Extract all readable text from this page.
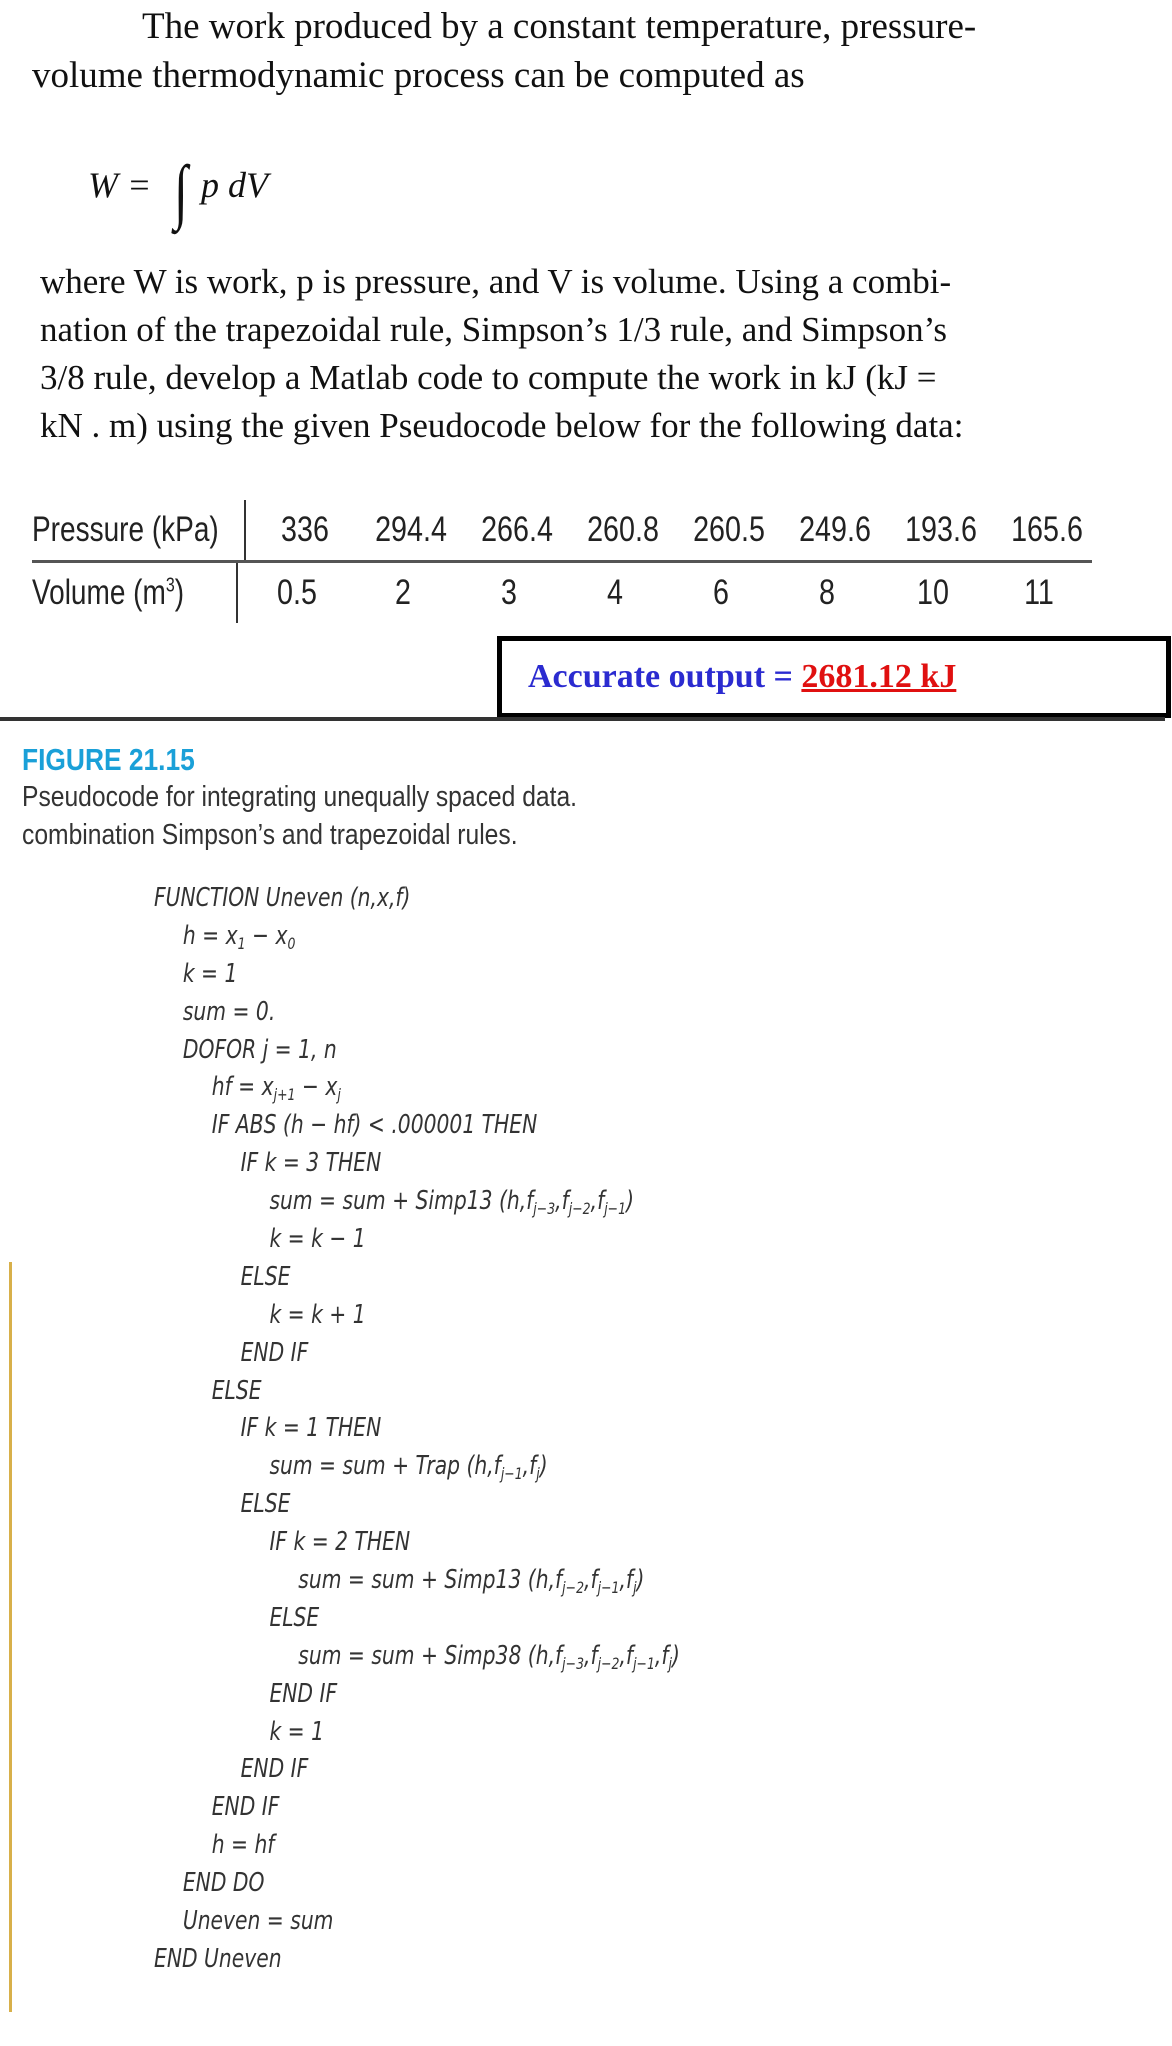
The work produced by a constant temperature, pressure-
volume thermodynamic process can be computed as
W = ∫ p dV
where W is work, p is pressure, and V is volume. Using a combi-
nation of the trapezoidal rule, Simpson’s 1/3 rule, and Simpson’s
3/8 rule, develop a Matlab code to compute the work in kJ (kJ =
kN . m) using the given Pseudocode below for the following data:
Pressure (kPa)	336	294.4 266.4 260.8 260.5 249.6 193.6 165.6
Volume $(m^3)$	0.5	2	3	4	6	8	10	11
Accurate output =
2681.12 kJ
FIGURE 21.15
Pseudocode for integrating unequally spaced data.
combination Simpson’s and trapezoidal rules.
FUNCTION Uneven (n,x,f)
$h = x_1 - x_0$
k = 1
sum = 0.
DOFOR j = 1, n
hf = $x_{j+1} - x_j$
IF ABS (h − hf) < .000001 THEN
IF k = 3 THEN
sum = sum + Simp13 $(h,f_{j-3},f_{j-2},f_{j-1})$
k = k − 1
ELSE
k = k + 1
END IF
ELSE
IF k = 1 THEN
sum = sum + Trap $(h,f_{j-1},f_j)$
ELSE
IF k = 2 THEN
sum = sum + Simp13 $(h,f_{j-2},f_{j-1},f_j)$
ELSE
sum = sum + Simp38 $(h,f_{j-3},f_{j-2},f_{j-1},f_j)$
END IF
k = 1
END IF
END IF
h = hf
END DO
Uneven = sum
END Uneven
